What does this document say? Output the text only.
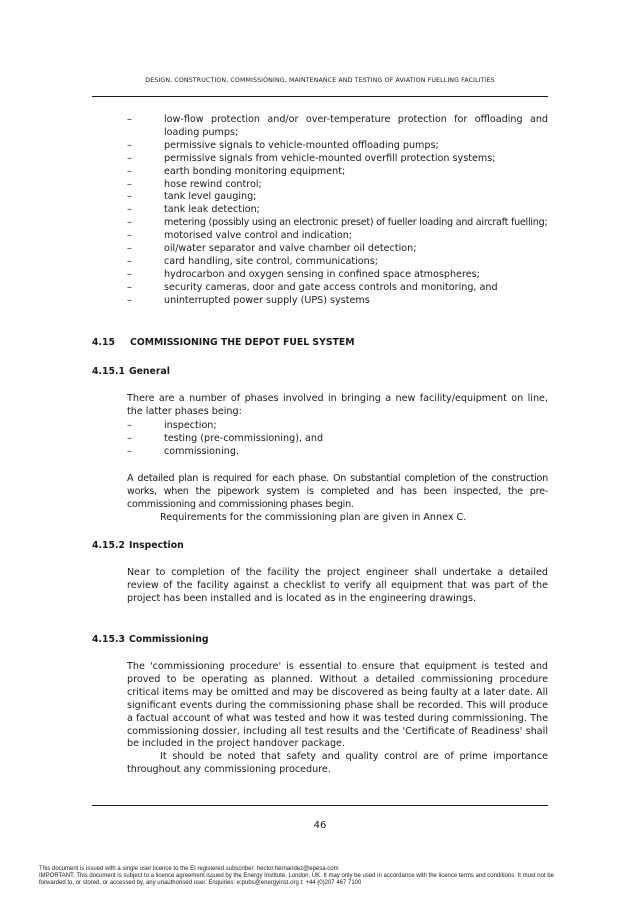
DESIGN, CONSTRUCTION, COMMISSIONING, MAINTENANCE AND TESTING OF AVIATION FUELLING FACILITIES
–	low-flow protection and/or over-temperature protection for offloading and loading pumps;
–	permissive signals to vehicle-mounted offloading pumps;
–	permissive signals from vehicle-mounted overfill protection systems;
–	earth bonding monitoring equipment;
–	hose rewind control;
–	tank level gauging;
–	tank leak detection;
–	metering (possibly using an electronic preset) of fueller loading and aircraft fuelling;
–	motorised valve control and indication;
–	oil/water separator and valve chamber oil detection;
–	card handling, site control, communications;
–	hydrocarbon and oxygen sensing in confined space atmospheres;
–	security cameras, door and gate access controls and monitoring, and
–	uninterrupted power supply (UPS) systems
4.15 COMMISSIONING THE DEPOT FUEL SYSTEM
4.15.1 General

There are a number of phases involved in bringing a new facility/equipment on line, the latter phases being:

–	inspection;
–	testing (pre-commissioning), and
–	commissioning.
A detailed plan is required for each phase. On substantial completion of the construction works, when the pipework system is completed and has been inspected, the pre-commissioning and commissioning phases begin.
Requirements for the commissioning plan are given in Annex C.
4.15.2 Inspection

Near to completion of the facility the project engineer shall undertake a detailed review of the facility against a checklist to verify all equipment that was part of the project has been installed and is located as in the engineering drawings.

4.15.3 Commissioning
The 'commissioning procedure' is essential to ensure that equipment is tested and proved to be operating as planned. Without a detailed commissioning procedure critical items may be omitted and may be discovered as being faulty at a later date. All significant events during the commissioning phase shall be recorded. This will produce a factual account of what was tested and how it was tested during commissioning. The commissioning dossier, including all test results and the 'Certificate of Readiness' shall be included in the project handover package.
It should be noted that safety and quality control are of prime importance throughout any commissioning procedure.
46
This document is issued with a single user licence to the EI registered subscriber: hector.hernandez@epesa.com
IMPORTANT: This document is subject to a licence agreement issued by the Energy Institute, London, UK. It may only be used in accordance with the licence terms and conditions. It must not be
forwarded to, or stored, or accessed by, any unauthorised user. Enquiries: e:pubs@energyinst.org t: +44 (0)207 467 7100
